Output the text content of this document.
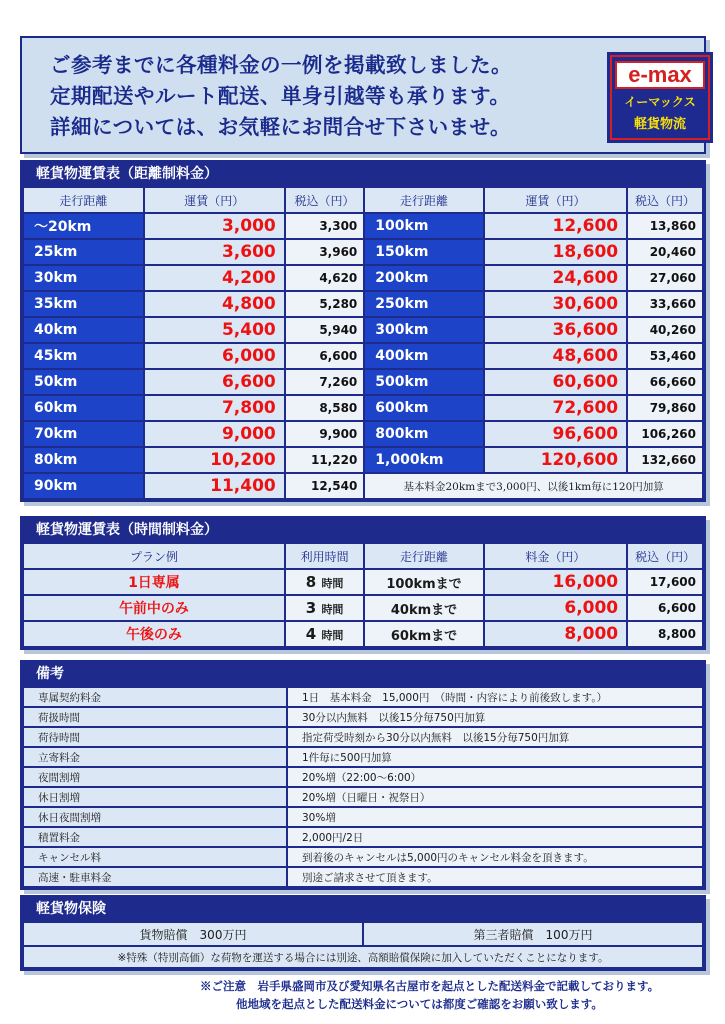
ご参考までに各種料金の一例を掲載致しました。
定期配送やルート配送、単身引越等も承ります。
詳細については、お気軽にお問合せ下さいませ。
e-max
イーマックス
軽貨物流
軽貨物運賃表（距離制料金）
走行距離	運賃（円）	税込（円）	走行距離	運賃（円）	税込（円）
～20km	3,000	3,300	100km	12,600	13,860
25km	3,600	3,960	150km	18,600	20,460
30km	4,200	4,620	200km	24,600	27,060
35km	4,800	5,280	250km	30,600	33,660
40km	5,400	5,940	300km	36,600	40,260
45km	6,000	6,600	400km	48,600	53,460
50km	6,600	7,260	500km	60,600	66,660
60km	7,800	8,580	600km	72,600	79,860
70km	9,000	9,900	800km	96,600	106,260
80km	10,200	11,220	1,000km	120,600	132,660
90km	11,400	12,540	基本料金20kmまで3,000円、以後1km毎に120円加算		
軽貨物運賃表（時間制料金）
プラン例	利用時間	走行距離	料金（円）	税込（円）
1日専属	8 時間	100kmまで	16,000	17,600
午前中のみ	3 時間	40kmまで	6,000	6,600
午後のみ	4 時間	60kmまで	8,000	8,800
備考
専属契約料金	1日　基本料金　15,000円　（時間・内容により前後致します。）
荷扱時間	30分以内無料　以後15分毎750円加算
荷待時間	指定荷受時刻から30分以内無料　以後15分毎750円加算
立寄料金	1件毎に500円加算
夜間割増	20%増（22:00～6:00）
休日割増	20%増（日曜日・祝祭日）
休日夜間割増	30%増
積置料金	2,000円/2日
キャンセル料	到着後のキャンセルは5,000円のキャンセル料金を頂きます。
高速・駐車料金	別途ご請求させて頂きます。
軽貨物保険
貨物賠償　300万円	第三者賠償　100万円
※特殊（特別高価）な荷物を運送する場合には別途、高額賠償保険に加入していただくことになります。
※ご注意　岩手県盛岡市及び愛知県名古屋市を起点とした配送料金で記載しております。
他地域を起点とした配送料金については都度ご確認をお願い致します。
